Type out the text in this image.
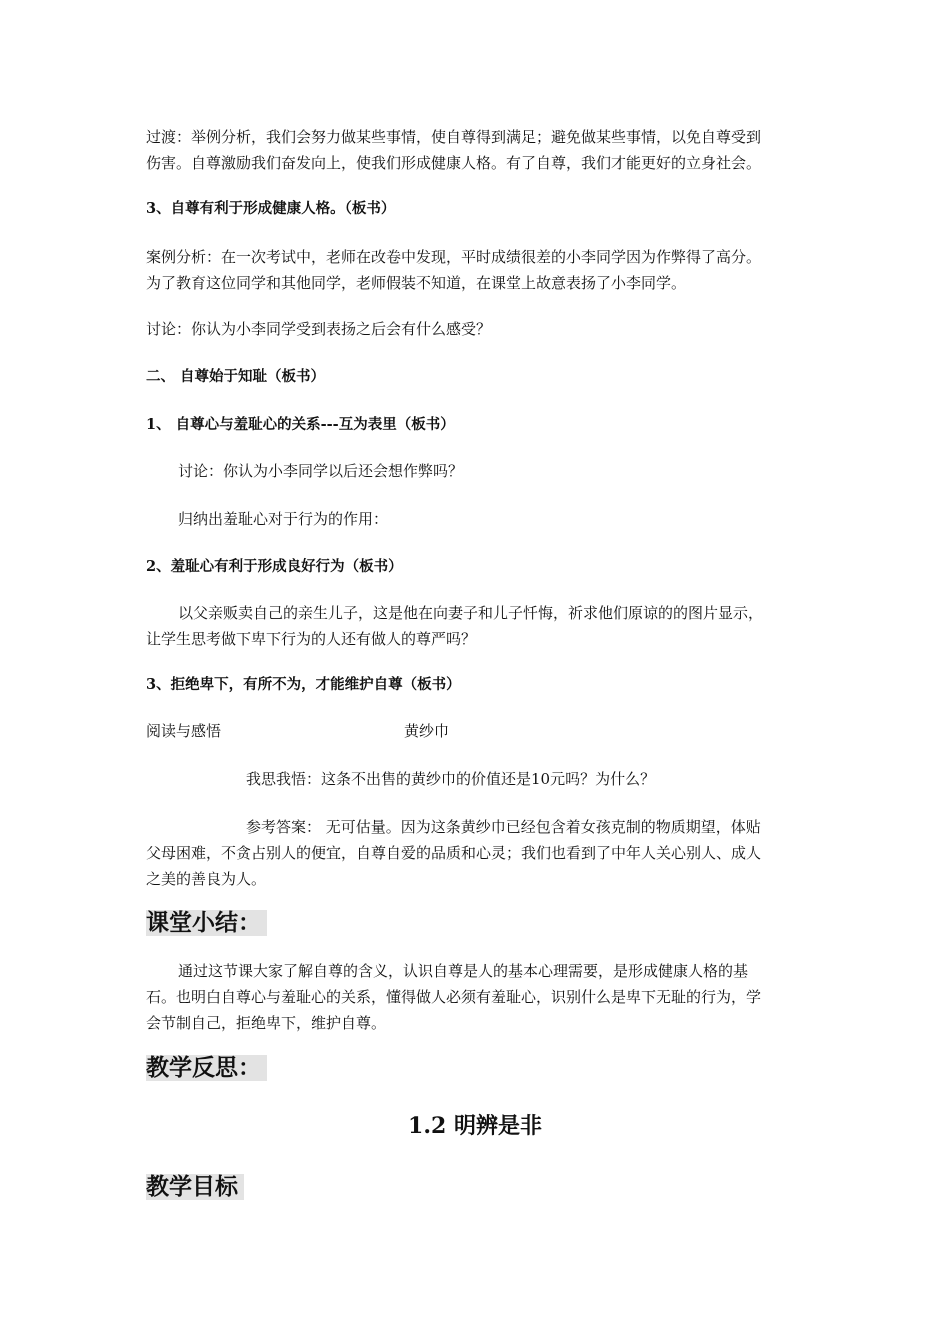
过渡：举例分析，我们会努力做某些事情，使自尊得到满足；避免做某些事情，以免自尊受到
伤害。自尊激励我们奋发向上，使我们形成健康人格。有了自尊，我们才能更好的立身社会。

3、自尊有利于形成健康人格。（板书）

案例分析：在一次考试中，老师在改卷中发现，平时成绩很差的小李同学因为作弊得了高分。
为了教育这位同学和其他同学，老师假装不知道，在课堂上故意表扬了小李同学。

讨论：你认为小李同学受到表扬之后会有什么感受？

二、 自尊始于知耻（板书）

1、 自尊心与羞耻心的关系---互为表里（板书）

讨论：你认为小李同学以后还会想作弊吗？

归纳出羞耻心对于行为的作用：

2、羞耻心有利于形成良好行为（板书）

以父亲贩卖自己的亲生儿子，这是他在向妻子和儿子忏悔，祈求他们原谅的的图片显示，
让学生思考做下卑下行为的人还有做人的尊严吗？

3、拒绝卑下，有所不为，才能维护自尊（板书）

阅读与感悟	黄纱巾

我思我悟：这条不出售的黄纱巾的价值还是10元吗？为什么？

参考答案： 无可估量。因为这条黄纱巾已经包含着女孩克制的物质期望，体贴
父母困难，不贪占别人的便宜，自尊自爱的品质和心灵；我们也看到了中年人关心别人、成人
之美的善良为人。

课堂小结：

通过这节课大家了解自尊的含义，认识自尊是人的基本心理需要，是形成健康人格的基
石。也明白自尊心与羞耻心的关系，懂得做人必须有羞耻心，识别什么是卑下无耻的行为，学
会节制自己，拒绝卑下，维护自尊。

教学反思：

1.2 明辨是非

教学目标
